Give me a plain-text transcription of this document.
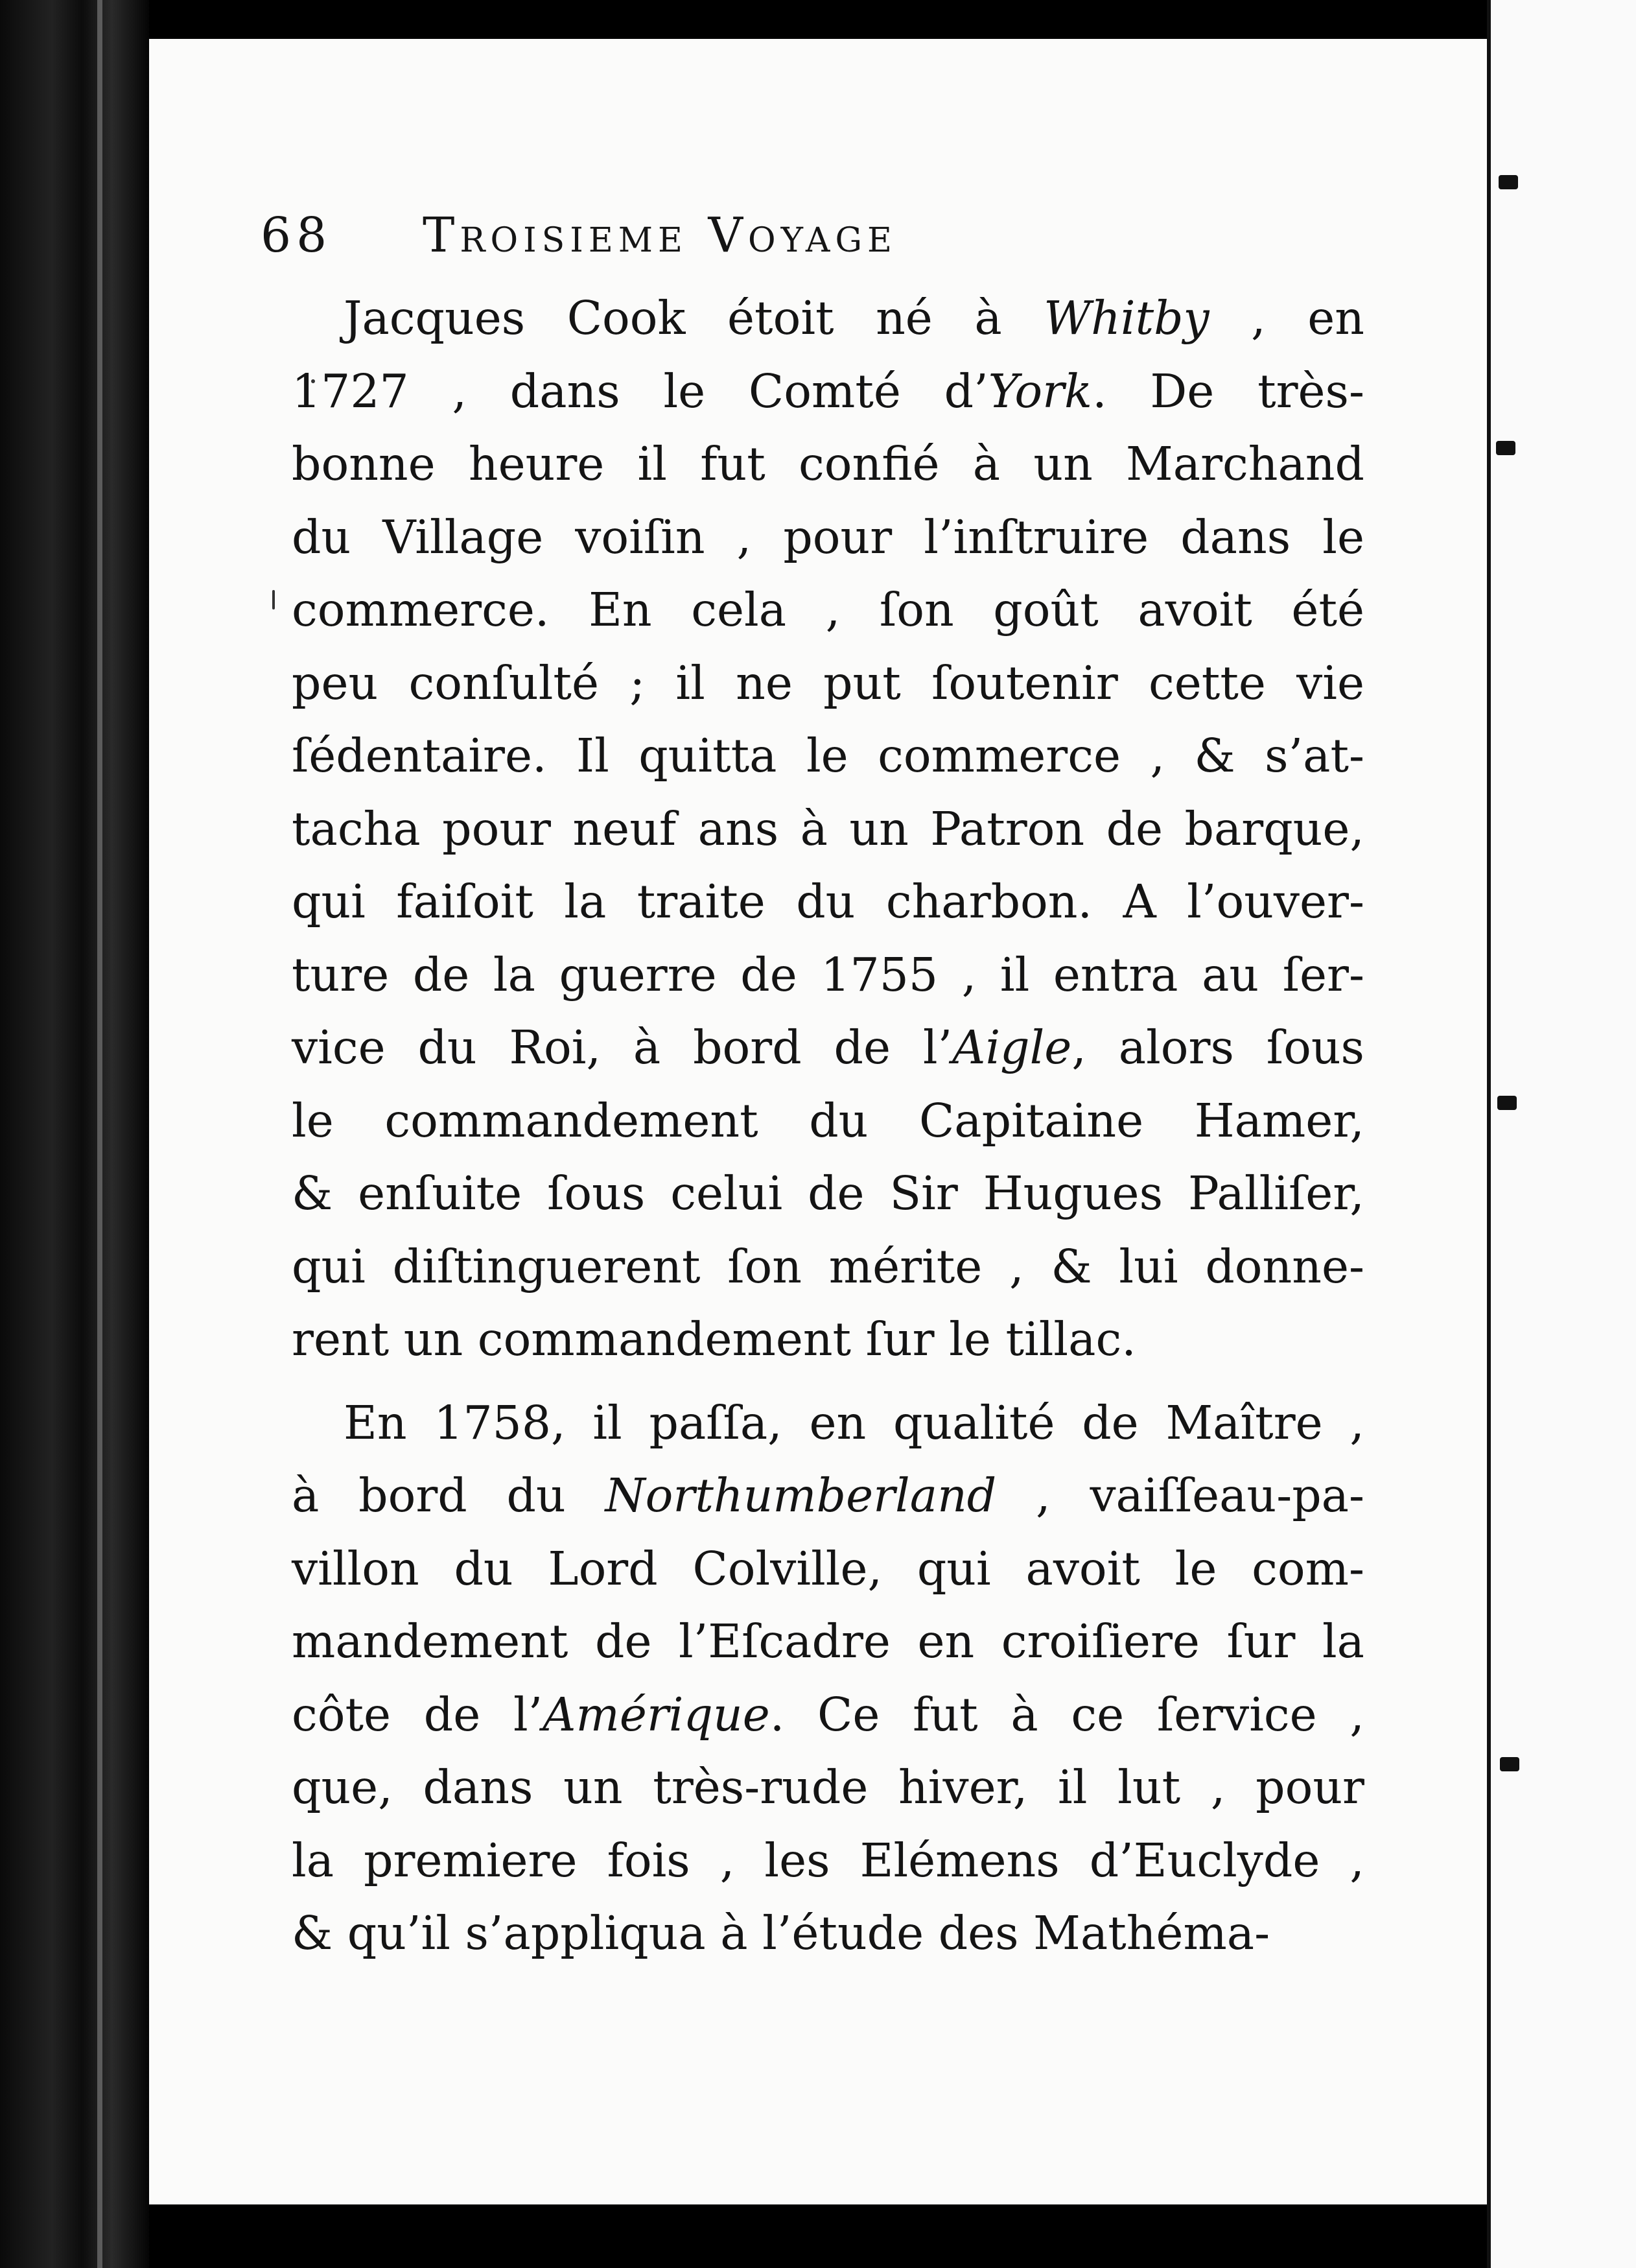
68 Troisieme Voyage
Jacques Cook étoit né à Whitby , en
1727 , dans le Comté d’York. De très-
bonne heure il fut confié à un Marchand
du Village voiſin , pour l’inſtruire dans le
commerce. En cela , ſon goût avoit été
peu conſulté ; il ne put ſoutenir cette vie
ſédentaire. Il quitta le commerce , & s’at-
tacha pour neuf ans à un Patron de barque,
qui faiſoit la traite du charbon. A l’ouver-
ture de la guerre de 1755 , il entra au ſer-
vice du Roi, à bord de l’Aigle, alors ſous
le commandement du Capitaine Hamer,
& enſuite ſous celui de Sir Hugues Palliſer,
qui diſtinguerent ſon mérite , & lui donne-
rent un commandement ſur le tillac.
En 1758, il paſſa, en qualité de Maître ,
à bord du Northumberland , vaiſſeau-pa-
villon du Lord Colville, qui avoit le com-
mandement de l’Eſcadre en croiſiere ſur la
côte de l’Amérique. Ce fut à ce ſervice ,
que, dans un très-rude hiver, il lut , pour
la premiere fois , les Elémens d’Euclyde ,
& qu’il s’appliqua à l’étude des Mathéma-
